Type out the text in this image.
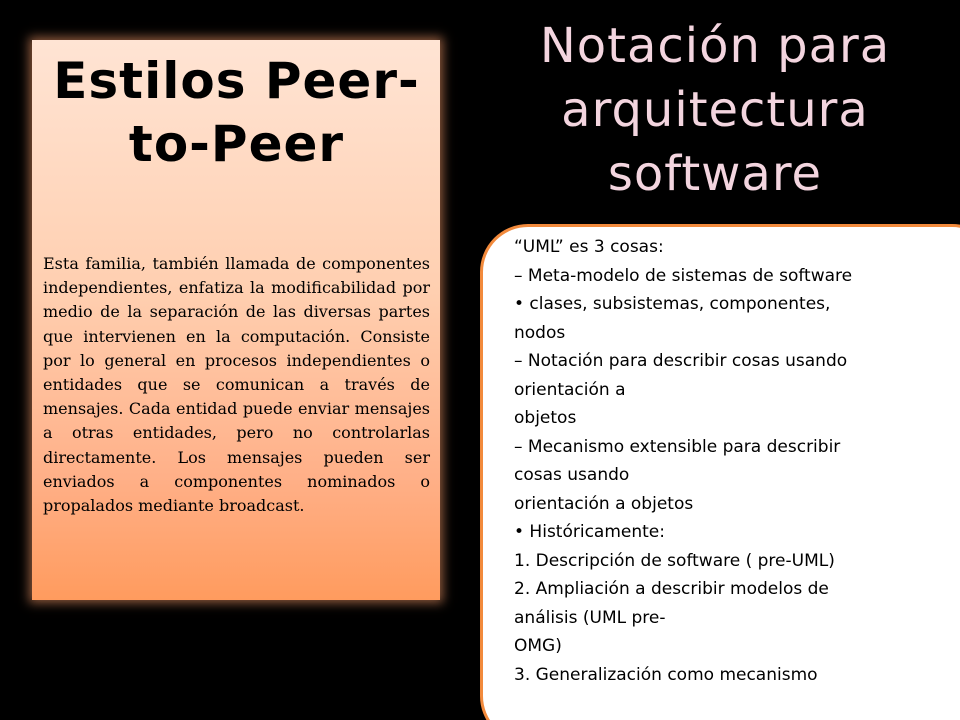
Estilos Peer-
to-Peer

Esta familia, también llamada de componentes independientes, enfatiza la modificabilidad por medio de la separación de las diversas partes que intervienen en la computación. Consiste por lo general en procesos independientes o entidades que se comunican a través de mensajes. Cada entidad puede enviar mensajes a otras entidades, pero no controlarlas directamente. Los mensajes pueden ser enviados a componentes nominados o propalados mediante broadcast.

Notación para
arquitectura
software
“UML” es 3 cosas:
– Meta-modelo de sistemas de software
• clases, subsistemas, componentes,
nodos
– Notación para describir cosas usando
orientación a
objetos
– Mecanismo extensible para describir
cosas usando
orientación a objetos
• Históricamente:
1. Descripción de software ( pre-UML)
2. Ampliación a describir modelos de
análisis (UML pre-
OMG)
3. Generalización como mecanismo
